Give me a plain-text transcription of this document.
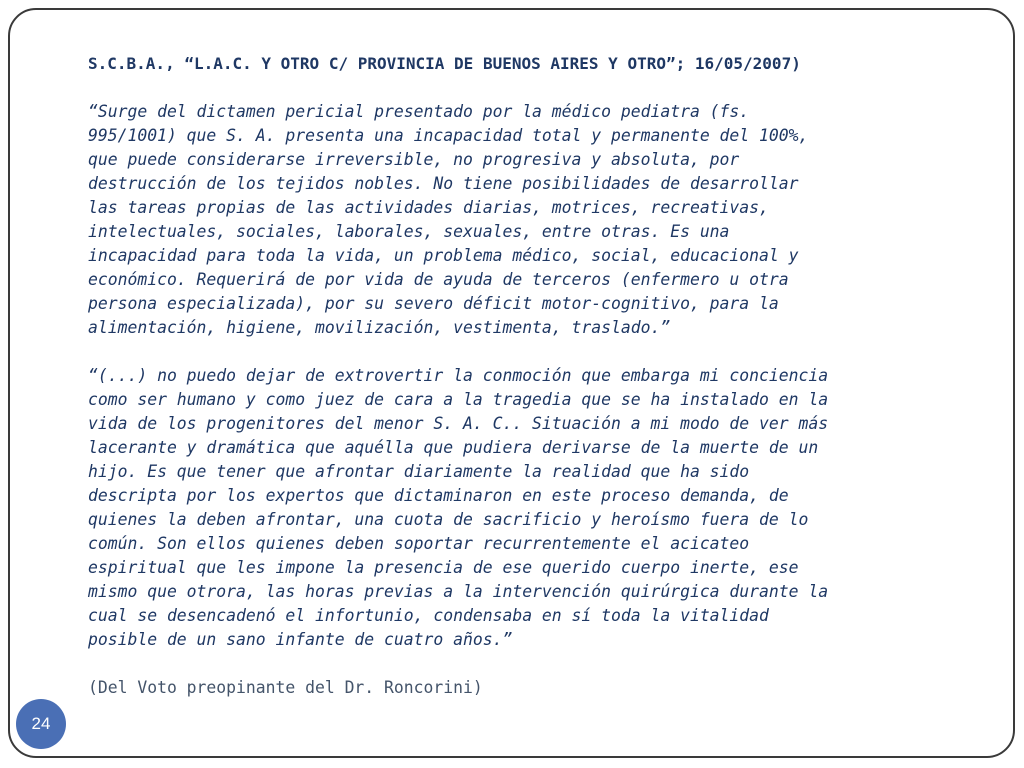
S.C.B.A., “L.A.C. Y OTRO C/ PROVINCIA DE BUENOS AIRES Y OTRO”; 16/05/2007)

“Surge del dictamen pericial presentado por la médico pediatra (fs.
995/1001) que S. A. presenta una incapacidad total y permanente del 100%,
que puede considerarse irreversible, no progresiva y absoluta, por
destrucción de los tejidos nobles. No tiene posibilidades de desarrollar
las tareas propias de las actividades diarias, motrices, recreativas,
intelectuales, sociales, laborales, sexuales, entre otras. Es una
incapacidad para toda la vida, un problema médico, social, educacional y
económico. Requerirá de por vida de ayuda de terceros (enfermero u otra
persona especializada), por su severo déficit motor-cognitivo, para la
alimentación, higiene, movilización, vestimenta, traslado.”

“(...) no puedo dejar de extrovertir la conmoción que embarga mi conciencia
como ser humano y como juez de cara a la tragedia que se ha instalado en la
vida de los progenitores del menor S. A. C.. Situación a mi modo de ver más
lacerante y dramática que aquélla que pudiera derivarse de la muerte de un
hijo. Es que tener que afrontar diariamente la realidad que ha sido
descripta por los expertos que dictaminaron en este proceso demanda, de
quienes la deben afrontar, una cuota de sacrificio y heroísmo fuera de lo
común. Son ellos quienes deben soportar recurrentemente el acicateo
espiritual que les impone la presencia de ese querido cuerpo inerte, ese
mismo que otrora, las horas previas a la intervención quirúrgica durante la
cual se desencadenó el infortunio, condensaba en sí toda la vitalidad
posible de un sano infante de cuatro años.”

(Del Voto preopinante del Dr. Roncorini)

24
